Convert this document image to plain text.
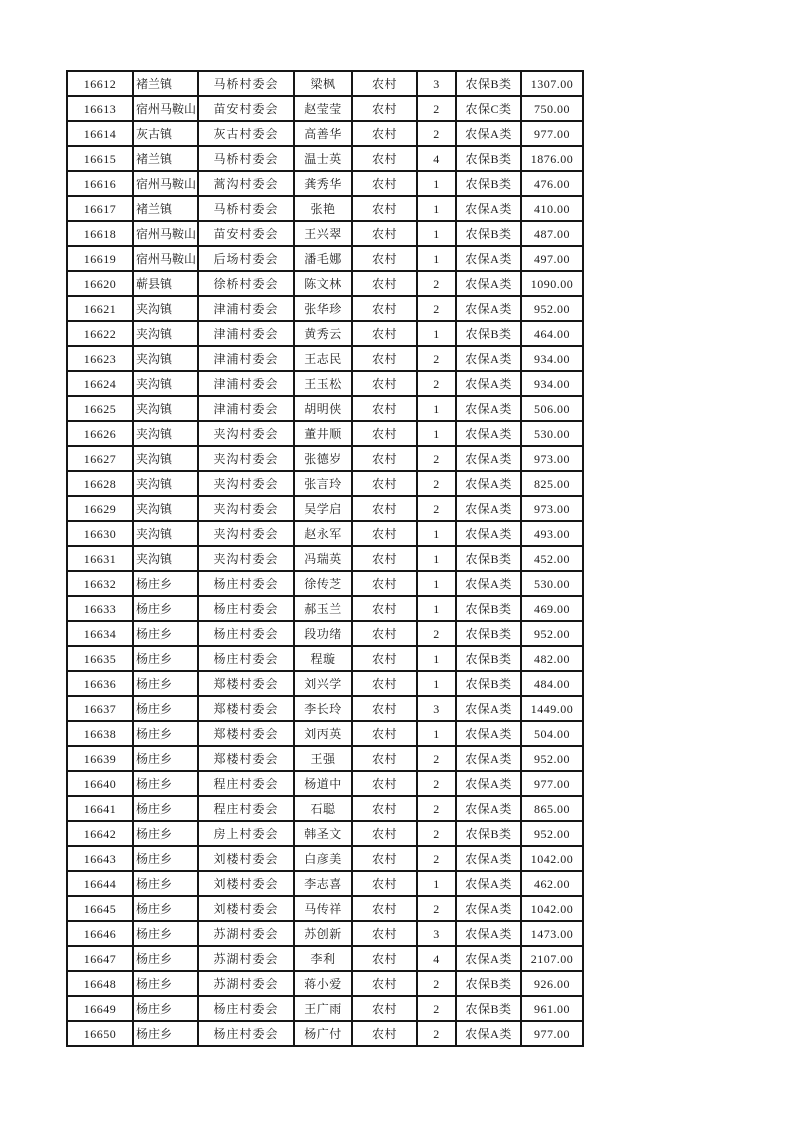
16612	褚兰镇	马桥村委会	梁枫	农村	3	农保B类	1307.00
16613	宿州马鞍山	苗安村委会	赵莹莹	农村	2	农保C类	750.00
16614	灰古镇	灰古村委会	高善华	农村	2	农保A类	977.00
16615	褚兰镇	马桥村委会	温士英	农村	4	农保B类	1876.00
16616	宿州马鞍山	蒿沟村委会	龚秀华	农村	1	农保B类	476.00
16617	褚兰镇	马桥村委会	张艳	农村	1	农保A类	410.00
16618	宿州马鞍山	苗安村委会	王兴翠	农村	1	农保B类	487.00
16619	宿州马鞍山	后场村委会	潘毛娜	农村	1	农保A类	497.00
16620	蕲县镇	徐桥村委会	陈文林	农村	2	农保A类	1090.00
16621	夹沟镇	津浦村委会	张华珍	农村	2	农保A类	952.00
16622	夹沟镇	津浦村委会	黄秀云	农村	1	农保B类	464.00
16623	夹沟镇	津浦村委会	王志民	农村	2	农保A类	934.00
16624	夹沟镇	津浦村委会	王玉松	农村	2	农保A类	934.00
16625	夹沟镇	津浦村委会	胡明侠	农村	1	农保A类	506.00
16626	夹沟镇	夹沟村委会	董井顺	农村	1	农保A类	530.00
16627	夹沟镇	夹沟村委会	张德岁	农村	2	农保A类	973.00
16628	夹沟镇	夹沟村委会	张言玲	农村	2	农保A类	825.00
16629	夹沟镇	夹沟村委会	吴学启	农村	2	农保A类	973.00
16630	夹沟镇	夹沟村委会	赵永军	农村	1	农保A类	493.00
16631	夹沟镇	夹沟村委会	冯瑞英	农村	1	农保B类	452.00
16632	杨庄乡	杨庄村委会	徐传芝	农村	1	农保A类	530.00
16633	杨庄乡	杨庄村委会	郝玉兰	农村	1	农保B类	469.00
16634	杨庄乡	杨庄村委会	段功绪	农村	2	农保B类	952.00
16635	杨庄乡	杨庄村委会	程璇	农村	1	农保B类	482.00
16636	杨庄乡	郑楼村委会	刘兴学	农村	1	农保B类	484.00
16637	杨庄乡	郑楼村委会	李长玲	农村	3	农保A类	1449.00
16638	杨庄乡	郑楼村委会	刘丙英	农村	1	农保A类	504.00
16639	杨庄乡	郑楼村委会	王强	农村	2	农保A类	952.00
16640	杨庄乡	程庄村委会	杨道中	农村	2	农保A类	977.00
16641	杨庄乡	程庄村委会	石聪	农村	2	农保A类	865.00
16642	杨庄乡	房上村委会	韩圣文	农村	2	农保B类	952.00
16643	杨庄乡	刘楼村委会	白彦美	农村	2	农保A类	1042.00
16644	杨庄乡	刘楼村委会	李志喜	农村	1	农保A类	462.00
16645	杨庄乡	刘楼村委会	马传祥	农村	2	农保A类	1042.00
16646	杨庄乡	苏湖村委会	苏创新	农村	3	农保A类	1473.00
16647	杨庄乡	苏湖村委会	李利	农村	4	农保A类	2107.00
16648	杨庄乡	苏湖村委会	蒋小爱	农村	2	农保B类	926.00
16649	杨庄乡	杨庄村委会	王广雨	农村	2	农保B类	961.00
16650	杨庄乡	杨庄村委会	杨广付	农村	2	农保A类	977.00
